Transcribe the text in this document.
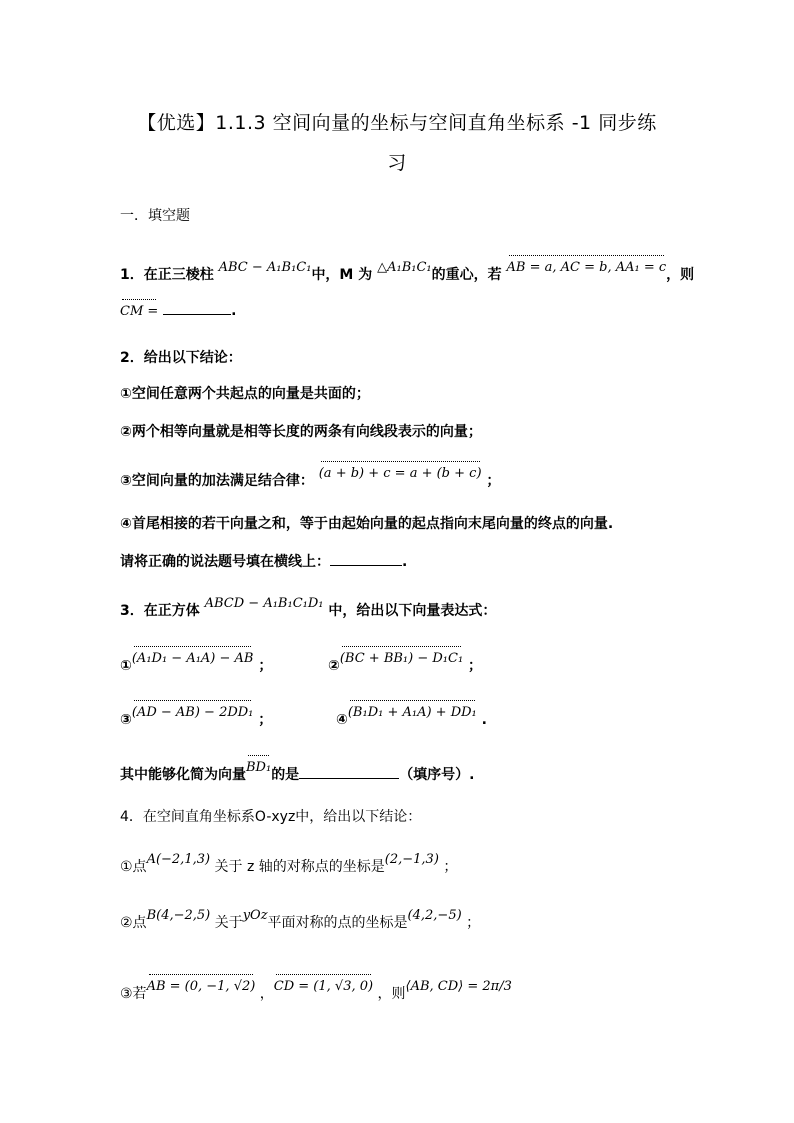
【优选】1.1.3 空间向量的坐标与空间直角坐标系 -1 同步练
习
一．填空题
1．在正三棱柱 ABC − A₁B₁C₁中，M 为 △A₁B₁C₁的重心，若 AB = a, AC = b, AA₁ = c，则
CM =	.
2．给出以下结论：
①空间任意两个共起点的向量是共面的；
②两个相等向量就是相等长度的两条有向线段表示的向量；
③空间向量的加法满足结合律： (a + b) + c = a + (b + c) ；
④首尾相接的若干向量之和，等于由起始向量的起点指向末尾向量的终点的向量.
请将正确的说法题号填在横线上：	.
3．在正方体 ABCD − A₁B₁C₁D₁ 中，给出以下向量表达式：
①(A₁D₁ − A₁A) − AB ；	②(BC + BB₁) − D₁C₁ ；
③(AD − AB) − 2DD₁ ；	④(B₁D₁ + A₁A) + DD₁ .
其中能够化简为向量BD₁的是	（填序号）.
4．在空间直角坐标系O-xyz中，给出以下结论：
①点A(−2,1,3) 关于 z 轴的对称点的坐标是(2,−1,3) ；
②点B(4,−2,5) 关于yOz平面对称的点的坐标是(4,2,−5) ；
③若AB = (0, −1, √2) ，CD = (1, √3, 0) ，则⟨AB, CD⟩ = 2π/3
